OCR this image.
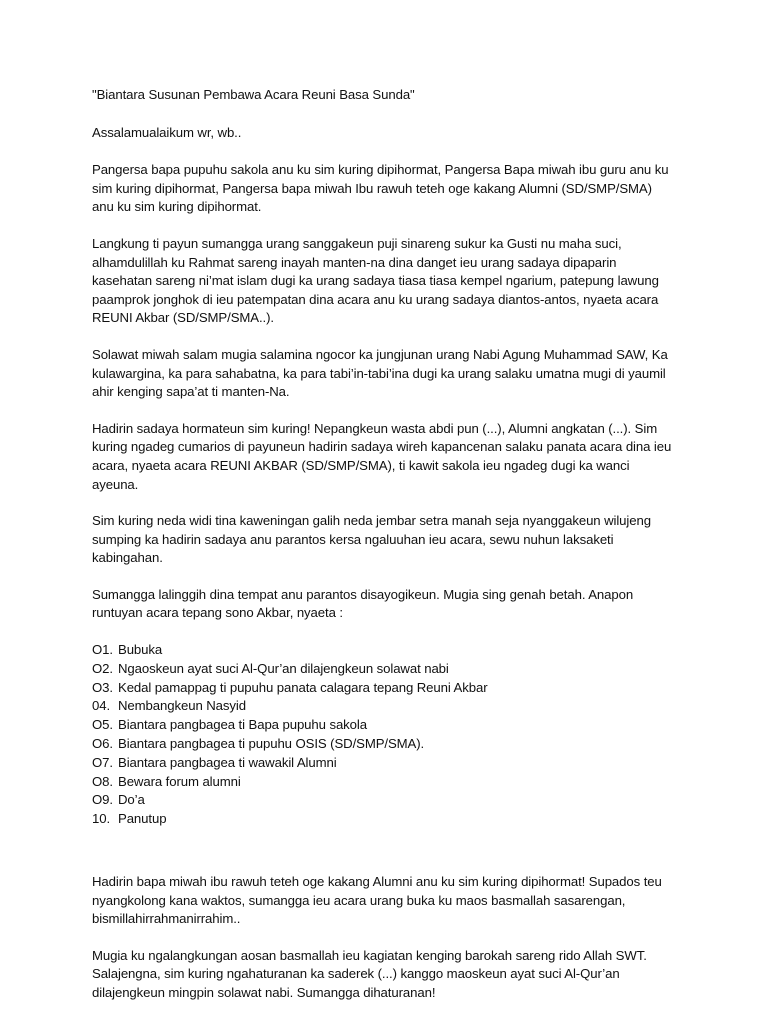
"Biantara Susunan Pembawa Acara Reuni Basa Sunda"

Assalamualaikum wr, wb..

Pangersa bapa pupuhu sakola anu ku sim kuring dipihormat, Pangersa Bapa miwah ibu guru anu ku sim kuring dipihormat, Pangersa bapa miwah Ibu rawuh teteh oge kakang Alumni (SD/SMP/SMA) anu ku sim kuring dipihormat.

Langkung ti payun sumangga urang sanggakeun puji sinareng sukur ka Gusti nu maha suci, alhamdulillah ku Rahmat sareng inayah manten-na dina danget ieu urang sadaya dipaparin kasehatan sareng ni’mat islam dugi ka urang sadaya tiasa tiasa kempel ngarium, patepung lawung paamprok jonghok di ieu patempatan dina acara anu ku urang sadaya diantos-antos, nyaeta acara REUNI Akbar (SD/SMP/SMA..).

Solawat miwah salam mugia salamina ngocor ka jungjunan urang Nabi Agung Muhammad SAW, Ka kulawargina, ka para sahabatna, ka para tabi’in-tabi’ina dugi ka urang salaku umatna mugi di yaumil ahir kenging sapa’at ti manten-Na.

Hadirin sadaya hormateun sim kuring! Nepangkeun wasta abdi pun (...), Alumni angkatan (...). Sim kuring ngadeg cumarios di payuneun hadirin sadaya wireh kapancenan salaku panata acara dina ieu acara, nyaeta acara REUNI AKBAR (SD/SMP/SMA), ti kawit sakola ieu ngadeg dugi ka wanci ayeuna.

Sim kuring neda widi tina kaweningan galih neda jembar setra manah seja nyanggakeun wilujeng sumping ka hadirin sadaya anu parantos kersa ngaluuhan ieu acara, sewu nuhun laksaketi kabingahan.

Sumangga lalinggih dina tempat anu parantos disayogikeun. Mugia sing genah betah. Anapon runtuyan acara tepang sono Akbar, nyaeta :

O1. Bubuka
O2. Ngaoskeun ayat suci Al-Qur’an dilajengkeun solawat nabi
O3. Kedal pamappag ti pupuhu panata calagara tepang Reuni Akbar
04. Nembangkeun Nasyid
O5. Biantara pangbagea ti Bapa pupuhu sakola
O6. Biantara pangbagea ti pupuhu OSIS (SD/SMP/SMA).
O7. Biantara pangbagea ti wawakil Alumni
O8. Bewara forum alumni
O9. Do’a
10. Panutup

Hadirin bapa miwah ibu rawuh teteh oge kakang Alumni anu ku sim kuring dipihormat! Supados teu nyangkolong kana waktos, sumangga ieu acara urang buka ku maos basmallah sasarengan, bismillahirrahmanirrahim..

Mugia ku ngalangkungan aosan basmallah ieu kagiatan kenging barokah sareng rido Allah SWT. Salajengna, sim kuring ngahaturanan ka saderek (...) kanggo maoskeun ayat suci Al-Qur’an dilajengkeun mingpin solawat nabi. Sumangga dihaturanan!
